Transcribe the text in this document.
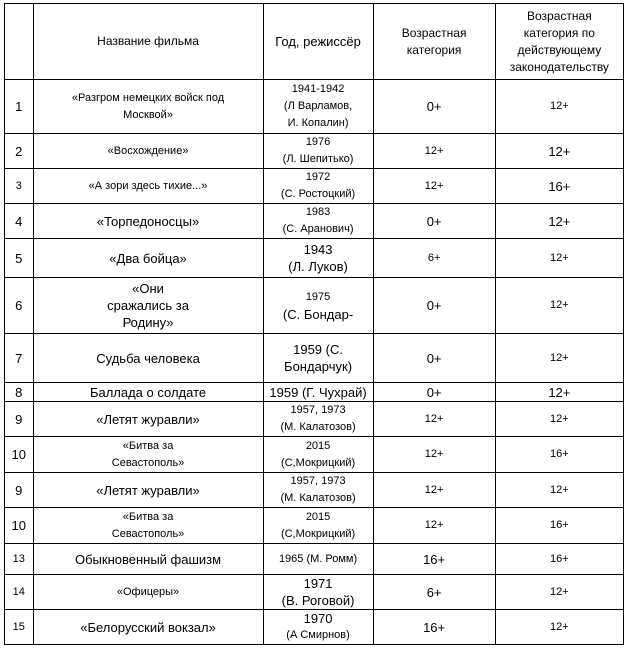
	Название фильма	Год, режиссёр	Возрастная
категория	Возрастная
категория по
действующему
законодательству

1	«Разгром немецких войск под
Москвой»	1941-1942
(Л Варламов,
И. Копалин)	0+	12+
2	«Восхождение»	1976
(Л. Шепитько)	12+	12+
3	«А зори здесь тихие...»	1972
(С. Ростоцкий)	12+	16+
4	«Торпедоносцы»	1983
(С. Аранович)	0+	12+
5	«Два бойца»	1943
(Л. Луков)	6+	12+
6	«Они
сражались за
Родину»	1975
(С. Бондар-	0+	12+
7	Судьба человека	1959 (С.
Бондарчук)	0+	12+
8	Баллада о солдате	1959 (Г. Чухрай)	0+	12+
9	«Летят журавли»	1957, 1973
(М. Калатозов)	12+	12+
10	«Битва за
Севастополь»	2015
(С,Мокрицкий)	12+	16+
9	«Летят журавли»	1957, 1973
(М. Калатозов)	12+	12+
10	«Битва за
Севастополь»	2015
(С,Мокрицкий)	12+	16+
13	Обыкновенный фашизм	1965 (М. Ромм)	16+	16+
14	«Офицеры»	1971
(В. Роговой)	6+	12+
15	«Белорусский вокзал»	1970
(А Смирнов)	16+	12+
